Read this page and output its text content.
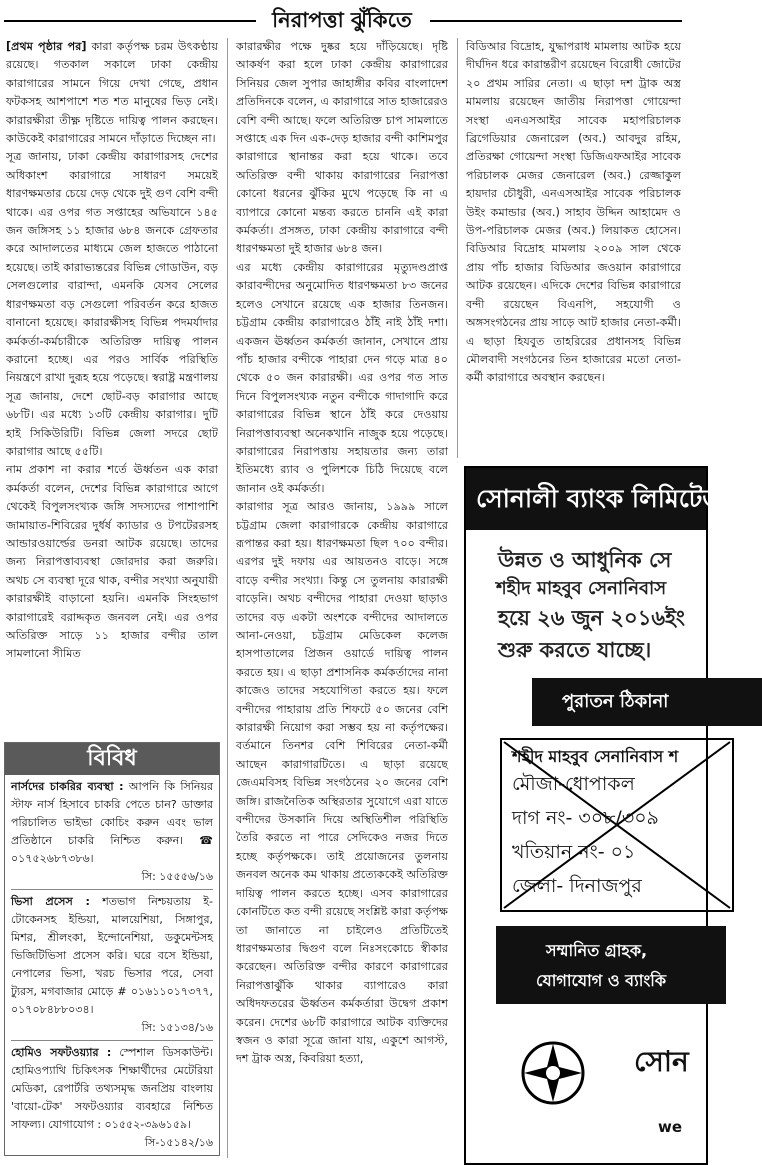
নিরাপত্তা ঝুঁকিতে

[প্রথম পৃষ্ঠার পর] কারা কর্তৃপক্ষ চরম উৎকণ্ঠায় রয়েছে। গতকাল সকালে ঢাকা কেন্দ্রীয় কারাগারের সামনে গিয়ে দেখা গেছে, প্রধান ফটকসহ আশপাশে শত শত মানুষের ভিড় নেই। কারারক্ষীরা তীক্ষ্ণ দৃষ্টিতে দায়িত্ব পালন করছেন। কাউকেই কারাগারের সামনে দাঁড়াতে দিচ্ছেন না।

সূত্র জানায়, ঢাকা কেন্দ্রীয় কারাগারসহ দেশের অধিকাংশ কারাগারে সাধারণ সময়েই ধারণক্ষমতার চেয়ে দেড় থেকে দুই গুণ বেশি বন্দী থাকে। এর ওপর গত সপ্তাহের অভিযানে ১৪৫ জন জঙ্গিসহ ১১ হাজার ৬৮৪ জনকে গ্রেফতার করে আদালতের মাধ্যমে জেল হাজতে পাঠানো হয়েছে। তাই কারাভ্যন্তরের বিভিন্ন গোডাউন, বড় সেলগুলোর বারান্দা, এমনকি যেসব সেলের ধারণক্ষমতা বড় সেগুলো পরিবর্তন করে হাজত বানানো হয়েছে। কারারক্ষীসহ বিভিন্ন পদমর্যাদার কর্মকর্তা-কর্মচারীকে অতিরিক্ত দায়িত্ব পালন করানো হচ্ছে। এর পরও সার্বিক পরিস্থিতি নিয়ন্ত্রণে রাখা দুরূহ হয়ে পড়েছে। স্বরাষ্ট্র মন্ত্রণালয় সূত্র জানায়, দেশে ছোট-বড় কারাগার আছে ৬৮টি। এর মধ্যে ১৩টি কেন্দ্রীয় কারাগার। দুটি হাই সিকিউরিটি। বিভিন্ন জেলা সদরে ছোট কারাগার আছে ৫৫টি।

নাম প্রকাশ না করার শর্তে ঊর্ধ্বতন এক কারা কর্মকর্তা বলেন, দেশের বিভিন্ন কারাগারে আগে থেকেই বিপুলসংখ্যক জঙ্গি সদস্যদের পাশাপাশি জামায়াত-শিবিরের দুর্ধর্ষ ক্যাডার ও টপটেররসহ আন্ডারওয়ার্ল্ডের ডনরা আটক রয়েছে। তাদের জন্য নিরাপত্তাব্যবস্থা জোরদার করা জরুরি। অথচ সে ব্যবস্থা দূরে থাক, বন্দীর সংখ্যা অনুযায়ী কারারক্ষীই বাড়ানো হয়নি। এমনকি সিংহভাগ কারাগারেই বরাদ্দকৃত জনবল নেই। এর ওপর অতিরিক্ত সাড়ে ১১ হাজার বন্দীর তাল সামলানো সীমিত

কারারক্ষীর পক্ষে দুষ্কর হয়ে দাঁড়িয়েছে। দৃষ্টি আকর্ষণ করা হলে ঢাকা কেন্দ্রীয় কারাগারের সিনিয়র জেল সুপার জাহাঙ্গীর কবির বাংলাদেশ প্রতিদিনকে বলেন, এ কারাগারে সাত হাজারেরও বেশি বন্দী আছে। ফলে অতিরিক্ত চাপ সামলাতে সপ্তাহে এক দিন এক-দেড় হাজার বন্দী কাশিমপুর কারাগারে স্থানান্তর করা হয়ে থাকে। তবে অতিরিক্ত বন্দী থাকায় কারাগারের নিরাপত্তা কোনো ধরনের ঝুঁকির মুখে পড়েছে কি না এ ব্যাপারে কোনো মন্তব্য করতে চাননি এই কারা কর্মকর্তা। প্রসঙ্গত, ঢাকা কেন্দ্রীয় কারাগারে বন্দী ধারণক্ষমতা দুই হাজার ৬৮৪ জন।

এর মধ্যে কেন্দ্রীয় কারাগারের মৃত্যুদণ্ডপ্রাপ্ত কারাবন্দীদের অনুমোদিত ধারণক্ষমতা ৮৩ জনের হলেও সেখানে রয়েছে এক হাজার তিনজন। চট্টগ্রাম কেন্দ্রীয় কারাগারেও ঠাঁই নাই ঠাঁই দশা। একজন ঊর্ধ্বতন কর্মকর্তা জানান, সেখানে প্রায় পাঁচ হাজার বন্দীকে পাহারা দেন গড়ে মাত্র ৪০ থেকে ৫০ জন কারারক্ষী। এর ওপর গত সাত দিনে বিপুলসংখ্যক নতুন বন্দীকে গাদাগাদি করে কারাগারের বিভিন্ন স্থানে ঠাঁই করে দেওয়ায় নিরাপত্তাব্যবস্থা অনেকখানি নাজুক হয়ে পড়েছে। কারাগারের নিরাপত্তায় সহায়তার জন্য তারা ইতিমধ্যে র‌্যাব ও পুলিশকে চিঠি দিয়েছে বলে জানান ওই কর্মকর্তা।

কারাগার সূত্র আরও জানায়, ১৯৯৯ সালে চট্টগ্রাম জেলা কারাগারকে কেন্দ্রীয় কারাগারে রূপান্তর করা হয়। ধারণক্ষমতা ছিল ৭০০ বন্দীর। এরপর দুই দফায় এর আয়তনও বাড়ে। সঙ্গে বাড়ে বন্দীর সংখ্যা। কিন্তু সে তুলনায় কারারক্ষী বাড়েনি। অথচ বন্দীদের পাহারা দেওয়া ছাড়াও তাদের বড় একটা অংশকে বন্দীদের আদালতে আনা-নেওয়া, চট্টগ্রাম মেডিকেল কলেজ হাসপাতালের প্রিজন ওয়ার্ডে দায়িত্ব পালন করতে হয়। এ ছাড়া প্রশাসনিক কর্মকর্তাদের নানা কাজেও তাদের সহযোগিতা করতে হয়। ফলে বন্দীদের পাহারায় প্রতি শিফটে ৫০ জনের বেশি কারারক্ষী নিয়োগ করা সম্ভব হয় না কর্তৃপক্ষের। বর্তমানে তিনশর বেশি শিবিরের নেতা-কর্মী আছেন কারাগারটিতে। এ ছাড়া রয়েছে জেএমবিসহ বিভিন্ন সংগঠনের ২০ জনের বেশি জঙ্গি। রাজনৈতিক অস্থিরতার সুযোগে এরা যাতে বন্দীদের উসকানি দিয়ে অস্থিতিশীল পরিস্থিতি তৈরি করতে না পারে সেদিকেও নজর দিতে হচ্ছে কর্তৃপক্ষকে। তাই প্রয়োজনের তুলনায় জনবল অনেক কম থাকায় প্রত্যেককেই অতিরিক্ত দায়িত্ব পালন করতে হচ্ছে। এসব কারাগারের কোনটিতে কত বন্দী রয়েছে সংশ্লিষ্ট কারা কর্তৃপক্ষ তা জানাতে না চাইলেও প্রতিটিতেই ধারণক্ষমতার দ্বিগুণ বলে নিঃসংকোচে স্বীকার করেছেন। অতিরিক্ত বন্দীর কারণে কারাগারের নিরাপত্তাঝুঁকি থাকার ব্যাপারেও কারা অধিদফতরের ঊর্ধ্বতন কর্মকর্তারা উদ্বেগ প্রকাশ করেন। দেশের ৬৮টি কারাগারে আটক ব্যক্তিদের স্বজন ও কারা সূত্রে জানা যায়, একুশে আগস্ট, দশ ট্রাক অস্ত্র, কিবরিয়া হত্যা,

বিডিআর বিদ্রোহ, যুদ্ধাপরাধ মামলায় আটক হয়ে দীর্ঘদিন ধরে কারান্তরীণ রয়েছেন বিরোধী জোটের ২০ প্রথম সারির নেতা। এ ছাড়া দশ ট্রাক অস্ত্র মামলায় রয়েছেন জাতীয় নিরাপত্তা গোয়েন্দা সংস্থা এনএসআইর সাবেক মহাপরিচালক ব্রিগেডিয়ার জেনারেল (অব.) আবদুর রহিম, প্রতিরক্ষা গোয়েন্দা সংস্থা ডিজিএফআইর সাবেক পরিচালক মেজর জেনারেল (অব.) রেজ্জাকুল হায়দার চৌধুরী, এনএসআইর সাবেক পরিচালক উইং কমান্ডার (অব.) সাহাব উদ্দিন আহামেদ ও উপ-পরিচালক মেজর (অব.) লিয়াকত হোসেন। বিডিআর বিদ্রোহ মামলায় ২০০৯ সাল থেকে প্রায় পাঁচ হাজার বিডিআর জওয়ান কারাগারে আটক রয়েছেন। এদিকে দেশের বিভিন্ন কারাগারে বন্দী রয়েছেন বিএনপি, সহযোগী ও অঙ্গসংগঠনের প্রায় সাড়ে আট হাজার নেতা-কর্মী। এ ছাড়া হিযবুত তাহরিরের প্রধানসহ বিভিন্ন মৌলবাদী সংগঠনের তিন হাজারের মতো নেতা-কর্মী কারাগারে অবস্থান করছেন।

বিবিধ
নার্সদের চাকরির ব্যবস্থা : আপনি কি সিনিয়র স্টাফ নার্স হিসাবে চাকরি পেতে চান? ডাক্তার পরিচালিত ভাইভা কোচিং করুন এবং ভাল প্রতিষ্ঠানে চাকরি নিশ্চিত করুন। ☎ ০১৭৫২৬৮৭৩৮৬।
সি: ১৫৫৫৬/১৬
ভিসা প্রসেস : শতভাগ নিশ্চয়তায় ই-টোকেনসহ ইন্ডিয়া, মালয়েশিয়া, সিঙ্গাপুর, মিশর, শ্রীলংকা, ইন্দোনেশিয়া, ডকুমেন্টসহ ভিজিটিভিসা প্রসেস করি। ঘরে বসে ইন্ডিয়া, নেপালের ভিসা, খরচ ভিসার পরে, সেবা ট্যুরস, মগবাজার মোড়ে # ০১৬১১০১৭৩৭৭, ০১৭০৮৪৮৮০৩৪।
সি: ১৫১৩৪/১৬
হোমিও সফটওয়্যার : স্পেশাল ডিসকাউন্ট। হোমিওপ্যাথি চিকিৎসক শিক্ষার্থীদের মেটেরিয়া মেডিকা, রেপার্টরি তথ্যসমৃদ্ধ জনপ্রিয় বাংলায় 'বায়ো-টেক' সফটওয়্যার ব্যবহারে নিশ্চিত সাফল্য। যোগাযোগ : ০১৫৫২-৩৯৬১৫৯।
সি-১৫১৪২/১৬
সোনালী ব্যাংক লিমিটেড, শ
উন্নত ও আধুনিক সে
শহীদ মাহবুব সেনানিবাস
হয়ে ২৬ জুন ২০১৬ইং
শুরু করতে যাচ্ছে।
পুরাতন ঠিকানা
শহীদ মাহবুব সেনানিবাস শ
মৌজা-ধোপাকল
দাগ নং- ৩০৮/৩০৯
খতিয়ান নং- ০১
জেলা- দিনাজপুর
সম্মানিত গ্রাহক,
যোগাযোগ ও ব্যাংকি
সোন
we
